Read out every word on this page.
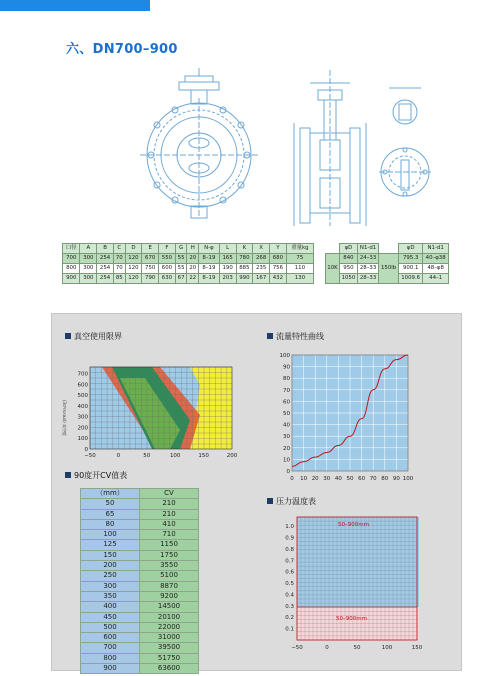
六、DN700–900
口径	A	B	C	D	E	F	G	H	N-φ	L	K	X	Y	重量kg
700	300	254	70	120	670	550	55	20	8–19	165	780	268	680	75
800	300	254	70	120	750	600	55	20	8–19	190	885	235	756	110
900	300	254	85	120	790	630	67	22	8–19	203	990	167	432	130
	φD	N1-d1		φD	N1-d1
10K	840	24–33	150lb	795.3	40–φ38
	950	28–33		900.1	48–φ8
	1050	28–33		1009.6	44–1
真空使用限界	流量特性曲线
90度开CV值表
压力温度表
(3d¹mʌǝɹd) 真空度
700
600
500
400
300
200
100
0
−50	0	50	100	150	200
（mm）	CV
50	210
65	210
80	410
100	710
125	1150
150	1750
200	3550
250	5100
300	8870
350	9200
400	14500
450	20100
500	22000
600	31000
700	39500
800	51750
900	63600
100
90
80
70
60
50
40
30
20
10
0
0 10 20 30 40 50 60 70 80 90 100
50–900mm
50–900mm
1.0
0.9
0.8
0.7
0.6
0.5
0.4
0.3
0.2
0.1
−50	0	50	100	150
